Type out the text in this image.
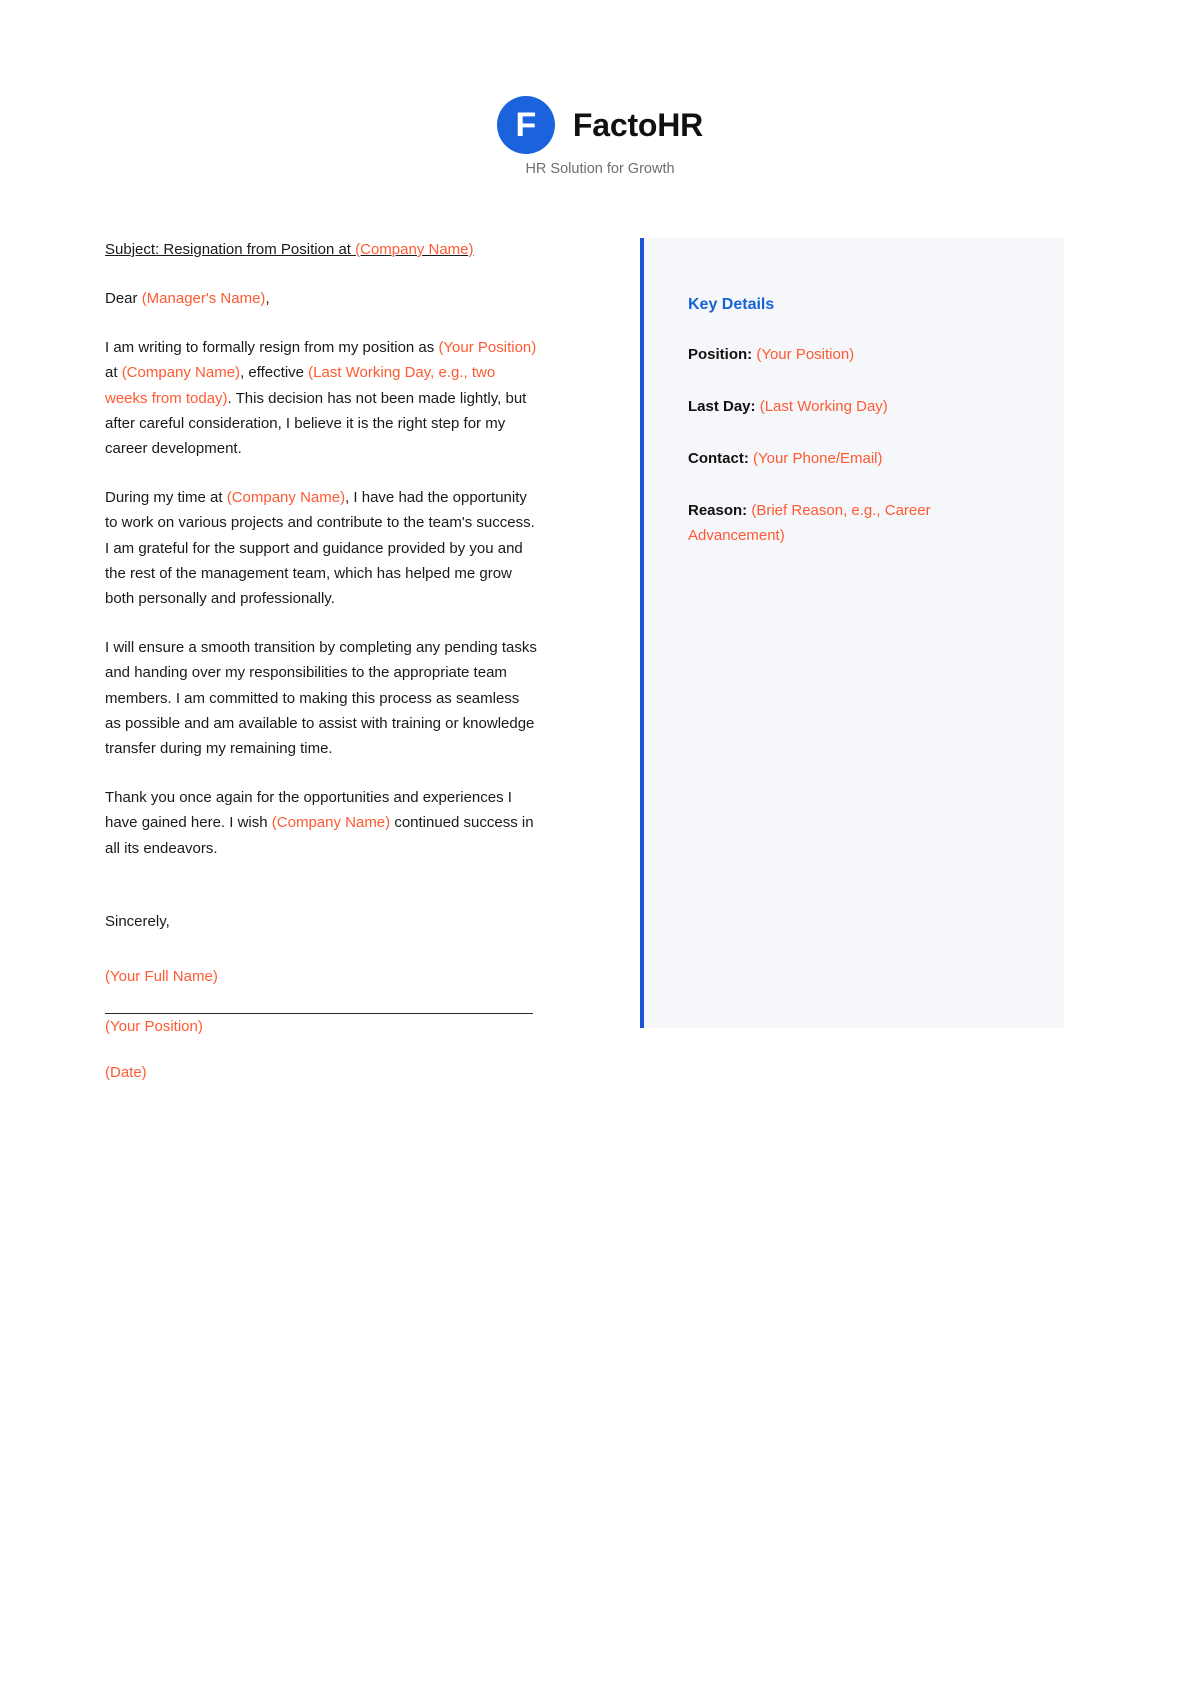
F	FactoHR
HR Solution for Growth
Subject: Resignation from Position at (Company Name)

Dear (Manager's Name),

I am writing to formally resign from my position as (Your Position) at (Company Name), effective (Last Working Day, e.g., two weeks from today). This decision has not been made lightly, but after careful consideration, I believe it is the right step for my career development.

During my time at (Company Name), I have had the opportunity to work on various projects and contribute to the team's success. I am grateful for the support and guidance provided by you and the rest of the management team, which has helped me grow both personally and professionally.

I will ensure a smooth transition by completing any pending tasks and handing over my responsibilities to the appropriate team members. I am committed to making this process as seamless as possible and am available to assist with training or knowledge transfer during my remaining time.

Thank you once again for the opportunities and experiences I have gained here. I wish (Company Name) continued success in all its endeavors.

Sincerely,

(Your Full Name)

(Your Position)

(Date)

Key Details
Position: (Your Position)
Last Day: (Last Working Day)
Contact: (Your Phone/Email)
Reason: (Brief Reason, e.g., Career Advancement)
